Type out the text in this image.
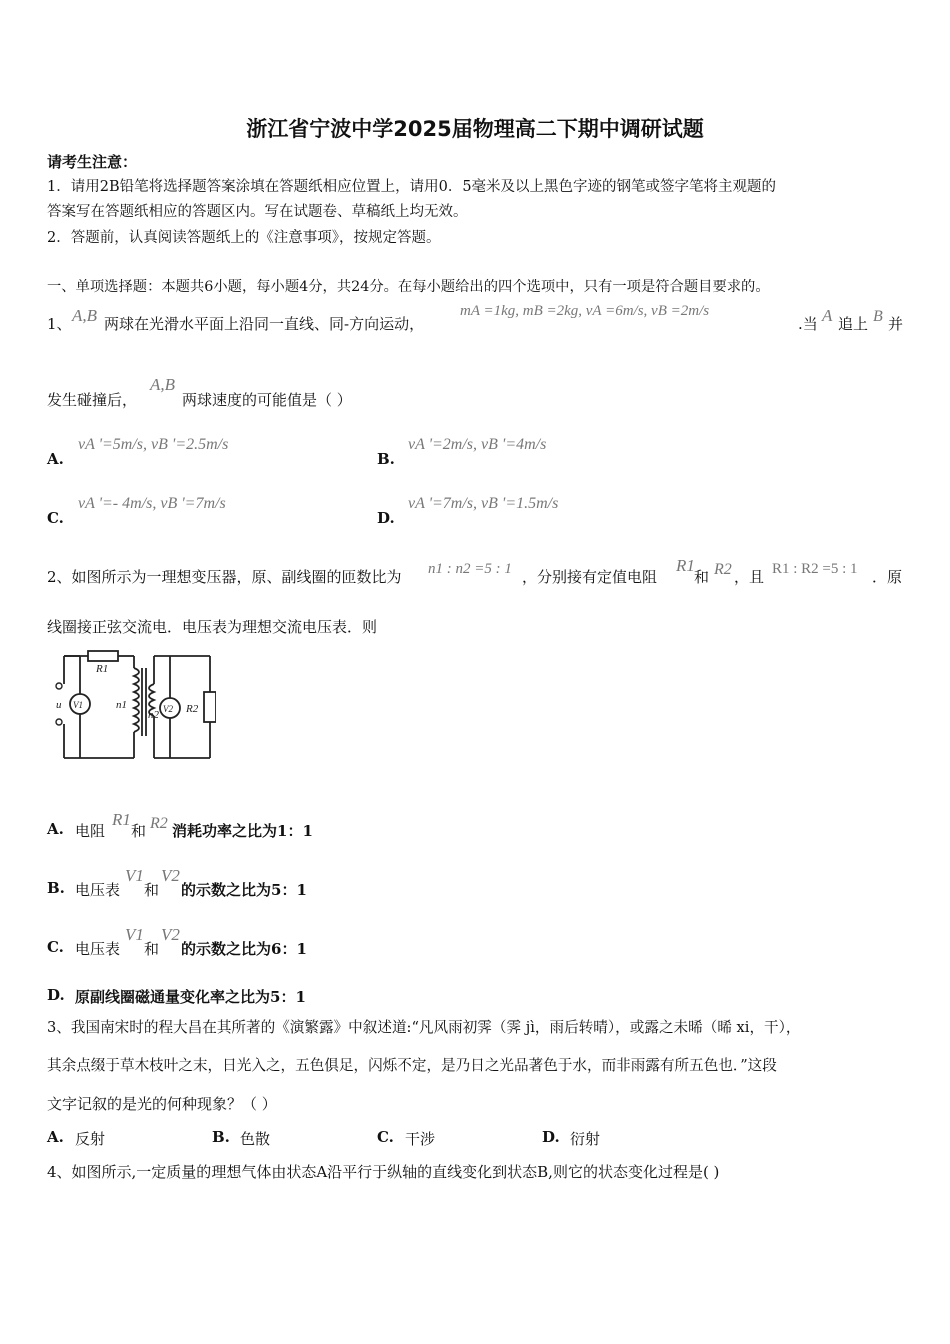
浙江省宁波中学2025届物理高二下期中调研试题
请考生注意：
1．请用2B铅笔将选择题答案涂填在答题纸相应位置上，请用0．5毫米及以上黑色字迹的钢笔或签字笔将主观题的
答案写在答题纸相应的答题区内。写在试题卷、草稿纸上均无效。
2．答题前，认真阅读答题纸上的《注意事项》，按规定答题。
一、单项选择题：本题共6小题，每小题4分，共24分。在每小题给出的四个选项中，只有一项是符合题目要求的。
1、 A,B 两球在光滑水平面上沿同一直线、同-方向运动，
mA =1kg, mB =2kg, vA =6m/s, vB =2m/s
.当 A 追上 B 并
发生碰撞后，
A,B
两球速度的可能值是（ ）
A.
vA '=5m/s, vB '=2.5m/s
B.
vA '=2m/s, vB '=4m/s
C.
vA '=- 4m/s, vB '=7m/s
D.
vA '=7m/s, vB '=1.5m/s
2、如图所示为一理想变压器，原、副线圈的匝数比为 n1 : n2 =5 : 1 ，分别接有定值电阻
R1
和 R2 ，且 R1 : R2 =5 : 1 ．原
线圈接正弦交流电．电压表为理想交流电压表．则
u
R1
n1
n2 R2
V1	V2
A. 电阻
R1
和 R2 消耗功率之比为1：1
B. 电压表
V1
和
V2
的示数之比为5：1
C. 电压表
V1
和
V2
的示数之比为6：1
D. 原副线圈磁通量变化率之比为5：1
3、我国南宋时的程大昌在其所著的《演繁露》中叙述道:“凡风雨初霁（霁 jì，雨后转晴），或露之未晞（晞 xi，干），
其余点缀于草木枝叶之末，日光入之，五色俱足，闪烁不定，是乃日之光品著色于水，而非雨露有所五色也．”这段
文字记叙的是光的何种现象？（ ）
A. 反射	B. 色散	C. 干涉	D. 衍射
4、如图所示,一定质量的理想气体由状态A沿平行于纵轴的直线变化到状态B,则它的状态变化过程是( )
